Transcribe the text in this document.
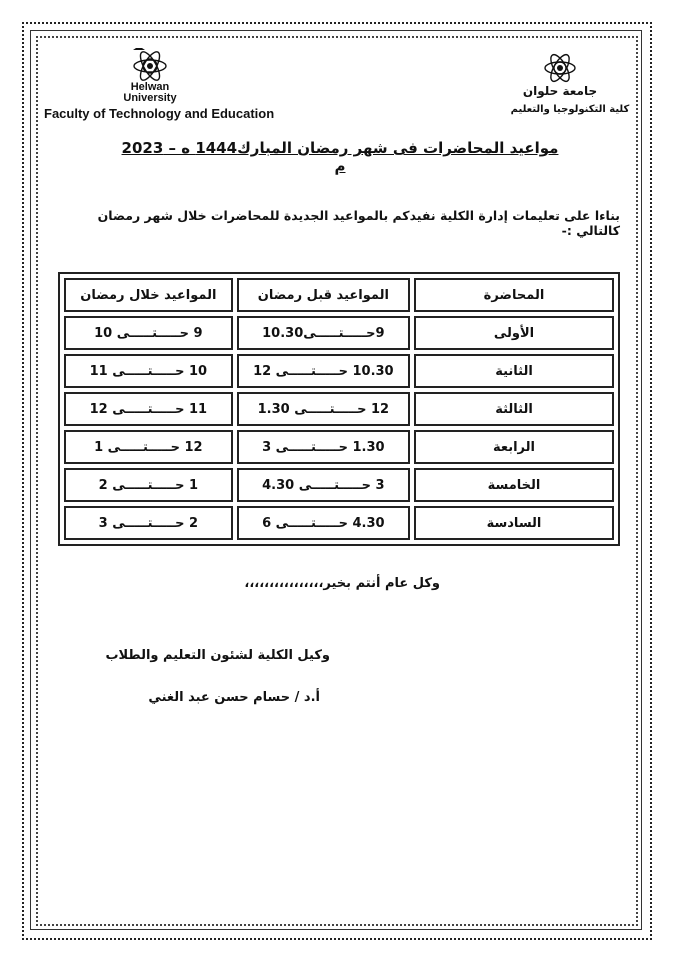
Helwan
University
Faculty of Technology and Education
جامعة حلوان
كلية التكنولوجيا والتعليم
مواعيد المحاضرات فى شهر رمضان المبارك1444 ه – 2023 م
بناءا على تعليمات إدارة الكلية نفيدكم بالمواعيد الجديدة للمحاضرات خلال شهر رمضان كالتالي :-
المحاضرة	المواعيد قبل رمضان	المواعيد خلال رمضان
الأولى	9حـــــتـــــى10.30	9 حـــــتـــــى 10
الثانية	10.30 حـــــتـــــى 12	10 حـــــتـــــى 11
الثالثة	12 حـــــتـــــى 1.30	11 حـــــتـــــى 12
الرابعة	1.30 حـــــتـــــى 3	12 حـــــتـــــى 1
الخامسة	3 حـــــتـــــى 4.30	1 حـــــتـــــى 2
السادسة	4.30 حـــــتـــــى 6	2 حـــــتـــــى 3
وكل عام أنتم بخير،،،،،،،،،،،،،،،،
وكيل الكلية لشئون التعليم والطلاب
أ.د / حسام حسن عبد الغني
